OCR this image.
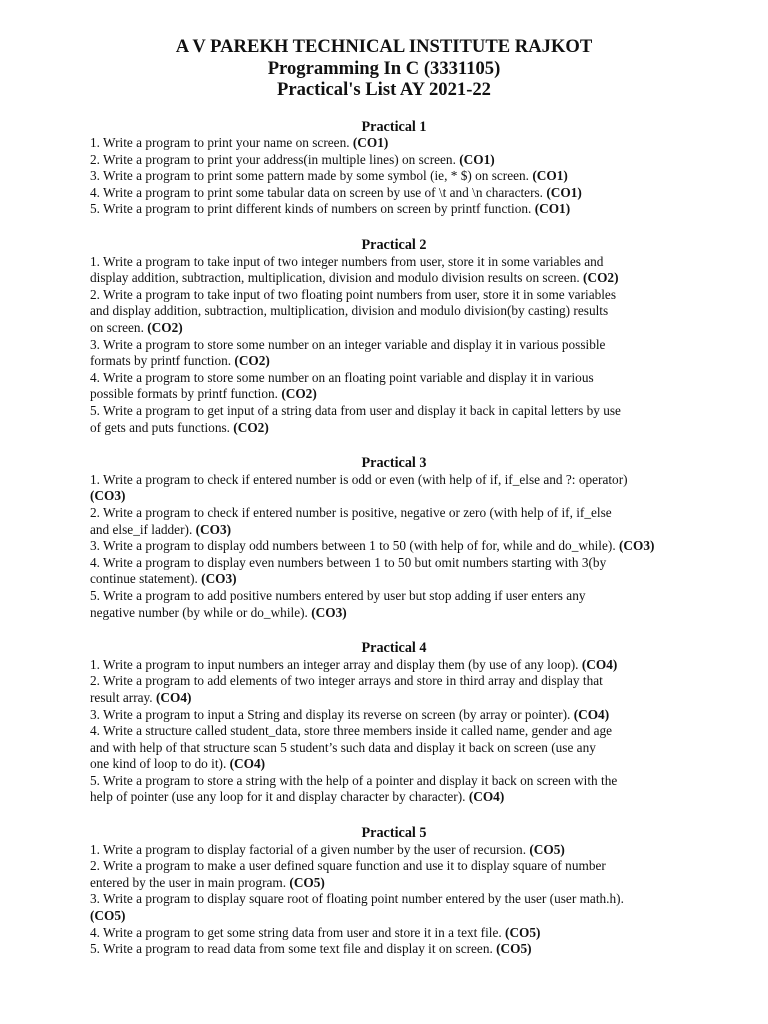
A V PAREKH TECHNICAL INSTITUTE RAJKOT
Programming In C (3331105)
Practical's List AY 2021-22
Practical 1
1. Write a program to print your name on screen. (CO1)
2. Write a program to print your address(in multiple lines) on screen. (CO1)
3. Write a program to print some pattern made by some symbol (ie, * $) on screen. (CO1)
4. Write a program to print some tabular data on screen by use of \t and \n characters. (CO1)
5. Write a program to print different kinds of numbers on screen by printf function. (CO1)
Practical 2
1. Write a program to take input of two integer numbers from user, store it in some variables and
display addition, subtraction, multiplication, division and modulo division results on screen. (CO2)
2. Write a program to take input of two floating point numbers from user, store it in some variables
and display addition, subtraction, multiplication, division and modulo division(by casting) results
on screen. (CO2)
3. Write a program to store some number on an integer variable and display it in various possible
formats by printf function. (CO2)
4. Write a program to store some number on an floating point variable and display it in various
possible formats by printf function. (CO2)
5. Write a program to get input of a string data from user and display it back in capital letters by use
of gets and puts functions. (CO2)
Practical 3
1. Write a program to check if entered number is odd or even (with help of if, if_else and ?: operator)
(CO3)
2. Write a program to check if entered number is positive, negative or zero (with help of if, if_else
and else_if ladder). (CO3)
3. Write a program to display odd numbers between 1 to 50 (with help of for, while and do_while). (CO3)
4. Write a program to display even numbers between 1 to 50 but omit numbers starting with 3(by
continue statement). (CO3)
5. Write a program to add positive numbers entered by user but stop adding if user enters any
negative number (by while or do_while). (CO3)
Practical 4
1. Write a program to input numbers an integer array and display them (by use of any loop). (CO4)
2. Write a program to add elements of two integer arrays and store in third array and display that
result array. (CO4)
3. Write a program to input a String and display its reverse on screen (by array or pointer). (CO4)
4. Write a structure called student_data, store three members inside it called name, gender and age
and with help of that structure scan 5 student’s such data and display it back on screen (use any
one kind of loop to do it). (CO4)
5. Write a program to store a string with the help of a pointer and display it back on screen with the
help of pointer (use any loop for it and display character by character). (CO4)
Practical 5
1. Write a program to display factorial of a given number by the user of recursion. (CO5)
2. Write a program to make a user defined square function and use it to display square of number
entered by the user in main program. (CO5)
3. Write a program to display square root of floating point number entered by the user (user math.h).
(CO5)
4. Write a program to get some string data from user and store it in a text file. (CO5)
5. Write a program to read data from some text file and display it on screen. (CO5)
